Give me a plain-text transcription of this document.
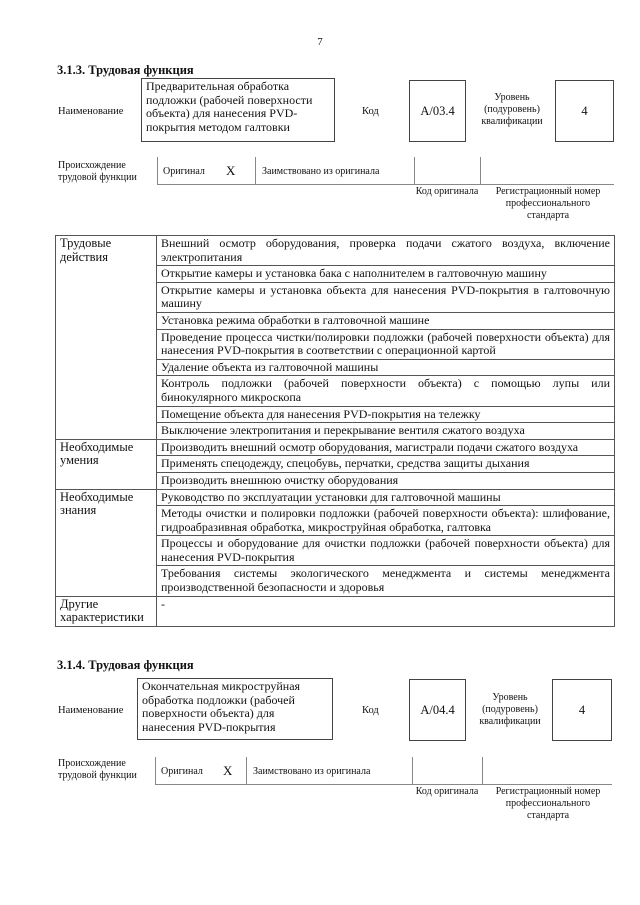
7
3.1.3. Трудовая функция
Наименование
Предварительная обработка подложки (рабочей поверхности объекта) для нанесения PVD-покрытия методом галтовки
Код	А/03.4
Уровень (подуровень) квалификации
4
Происхождение трудовой функции
Оригинал X	Заимствовано из оригинала
Код оригинала	Регистрационный номер профессионального стандарта
Трудовые действия	Внешний осмотр оборудования, проверка подачи сжатого воздуха, включение электропитания
	Открытие камеры и установка бака с наполнителем в галтовочную машину
	Открытие камеры и установка объекта для нанесения PVD-покрытия в галтовочную машину
	Установка режима обработки в галтовочной машине
	Проведение процесса чистки/полировки подложки (рабочей поверхности объекта) для нанесения PVD-покрытия в соответствии с операционной картой
	Удаление объекта из галтовочной машины
	Контроль подложки (рабочей поверхности объекта) с помощью лупы или бинокулярного микроскопа
	Помещение объекта для нанесения PVD-покрытия на тележку
	Выключение электропитания и перекрывание вентиля сжатого воздуха
Необходимые умения	Производить внешний осмотр оборудования, магистрали подачи сжатого воздуха
	Применять спецодежду, спецобувь, перчатки, средства защиты дыхания
	Производить внешнюю очистку оборудования
Необходимые знания	Руководство по эксплуатации установки для галтовочной машины
	Методы очистки и полировки подложки (рабочей поверхности объекта): шлифование, гидроабразивная обработка, микроструйная обработка, галтовка
	Процессы и оборудование для очистки подложки (рабочей поверхности объекта) для нанесения PVD-покрытия
	Требования системы экологического менеджмента и системы менеджмента производственной безопасности и здоровья
Другие характеристики	-
3.1.4. Трудовая функция
Наименование
Окончательная микроструйная обработка подложки (рабочей поверхности объекта) для нанесения PVD-покрытия
Код	А/04.4
Уровень (подуровень) квалификации
4
Происхождение трудовой функции	Оригинал X Заимствовано из оригинала
Код оригинала	Регистрационный номер профессионального стандарта
